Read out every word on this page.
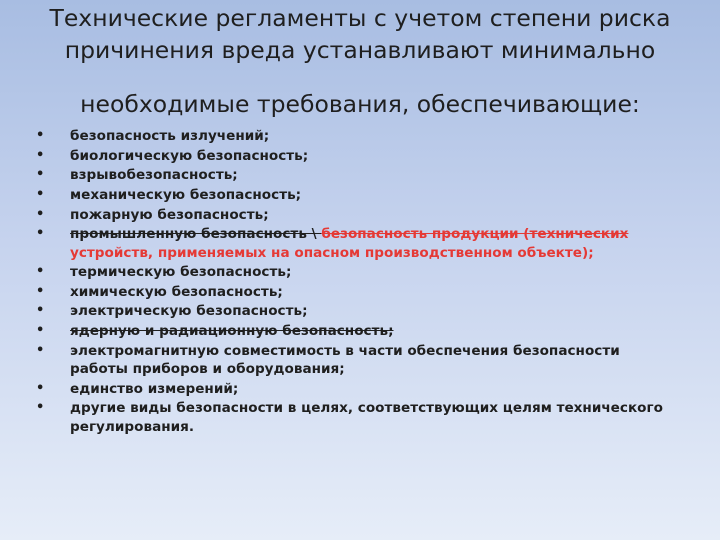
Технические регламенты с учетом степени риска
причинения вреда устанавливают минимально
необходимые требования, обеспечивающие:
• безопасность излучений;
• биологическую безопасность;
• взрывобезопасность;
• механическую безопасность;
• пожарную безопасность;
• промышленную безопасность \ безопасность продукции (технических
устройств, применяемых на опасном производственном объекте);
• термическую безопасность;
• химическую безопасность;
• электрическую безопасность;
• ядерную и радиационную безопасность;
• электромагнитную совместимость в части обеспечения безопасности работы приборов и оборудования;
• единство измерений;
• другие виды безопасности в целях, соответствующих целям технического регулирования.
